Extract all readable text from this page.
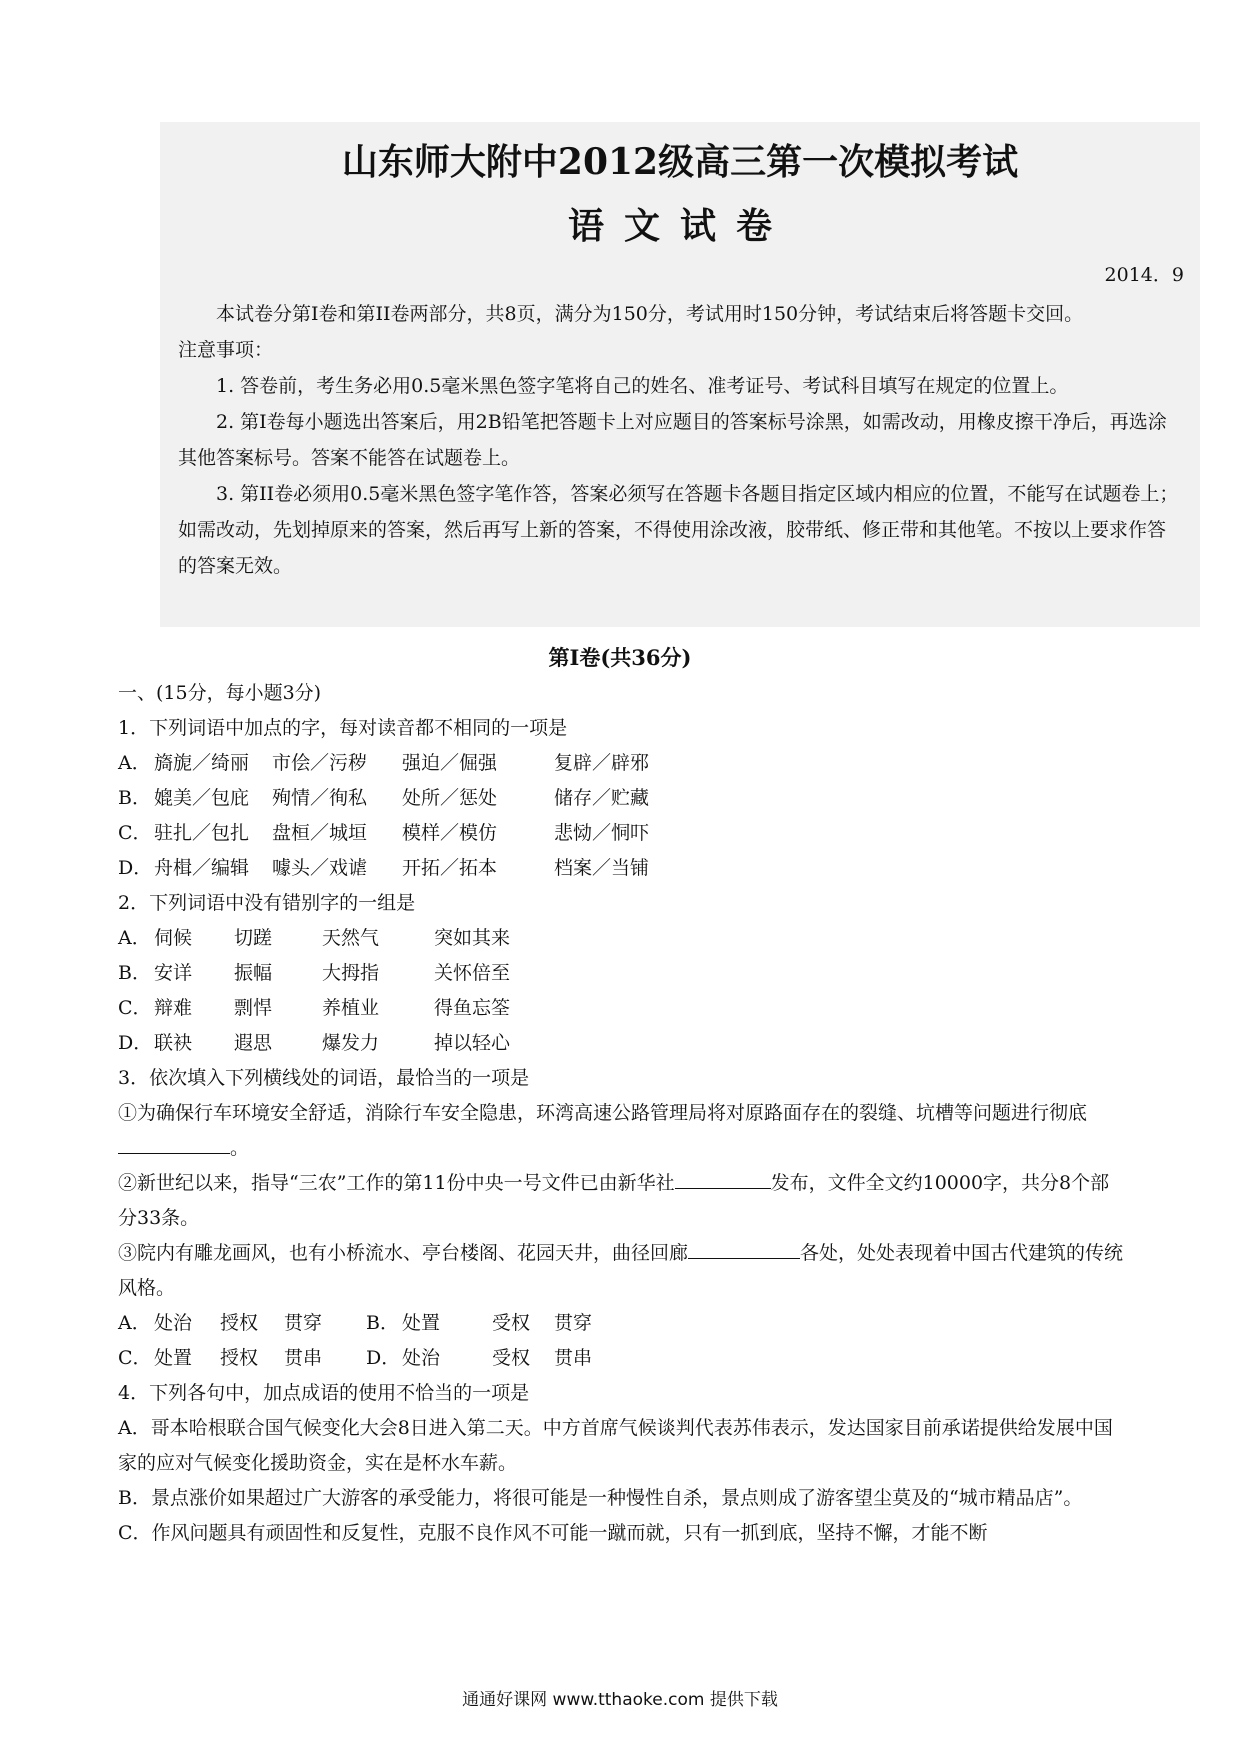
山东师大附中2012级高三第一次模拟考试
语文试卷
2014．9

本试卷分第I卷和第II卷两部分，共8页，满分为150分，考试用时150分钟，考试结束后将答题卡交回。

注意事项：

1. 答卷前，考生务必用0.5毫米黑色签字笔将自己的姓名、准考证号、考试科目填写在规定的位置上。

2. 第I卷每小题选出答案后，用2B铅笔把答题卡上对应题目的答案标号涂黑，如需改动，用橡皮擦干净后，再选涂其他答案标号。答案不能答在试题卷上。

3. 第II卷必须用0.5毫米黑色签字笔作答，答案必须写在答题卡各题目指定区域内相应的位置，不能写在试题卷上；如需改动，先划掉原来的答案，然后再写上新的答案，不得使用涂改液，胶带纸、修正带和其他笔。不按以上要求作答的答案无效。

第Ⅰ卷(共36分)

一、(15分，每小题3分)

1．下列词语中加点的字，每对读音都不相同的一项是

A． 旖旎／绮丽	市侩／污秽	强迫／倔强	复辟／辟邪
B． 媲美／包庇	殉情／徇私	处所／惩处	储存／贮藏
C． 驻扎／包扎	盘桓／城垣	模样／模仿	悲恸／恫吓
D． 舟楫／编辑	噱头／戏谑	开拓／拓本	档案／当铺

2．下列词语中没有错别字的一组是

A． 伺候	切蹉	天然气	突如其来
B． 安详	振幅	大拇指	关怀倍至
C． 辩难	剽悍	养植业	得鱼忘筌
D． 联袂	遐思	爆发力	掉以轻心

3．依次填入下列横线处的词语，最恰当的一项是

①为确保行车环境安全舒适，消除行车安全隐患，环湾高速公路管理局将对原路面存在的裂缝、坑槽等问题进行彻底。

②新世纪以来，指导“三农”工作的第11份中央一号文件已由新华社	发布，文件全文约10000字，共分8个部分33条。

③院内有雕龙画风，也有小桥流水、亭台楼阁、花园天井，曲径回廊	各处，处处表现着中国古代建筑的传统风格。

A． 处治	授权	贯穿	B． 处置	受权	贯穿
C． 处置	授权	贯串	D． 处治	受权	贯串

4．下列各句中，加点成语的使用不恰当的一项是

A．哥本哈根联合国气候变化大会8日进入第二天。中方首席气候谈判代表苏伟表示，发达国家目前承诺提供给发展中国家的应对气候变化援助资金，实在是杯水车薪。

B．景点涨价如果超过广大游客的承受能力，将很可能是一种慢性自杀，景点则成了游客望尘莫及的“城市精品店”。

C．作风问题具有顽固性和反复性，克服不良作风不可能一蹴而就，只有一抓到底，坚持不懈，才能不断

通通好课网 www.tthaoke.com 提供下载
